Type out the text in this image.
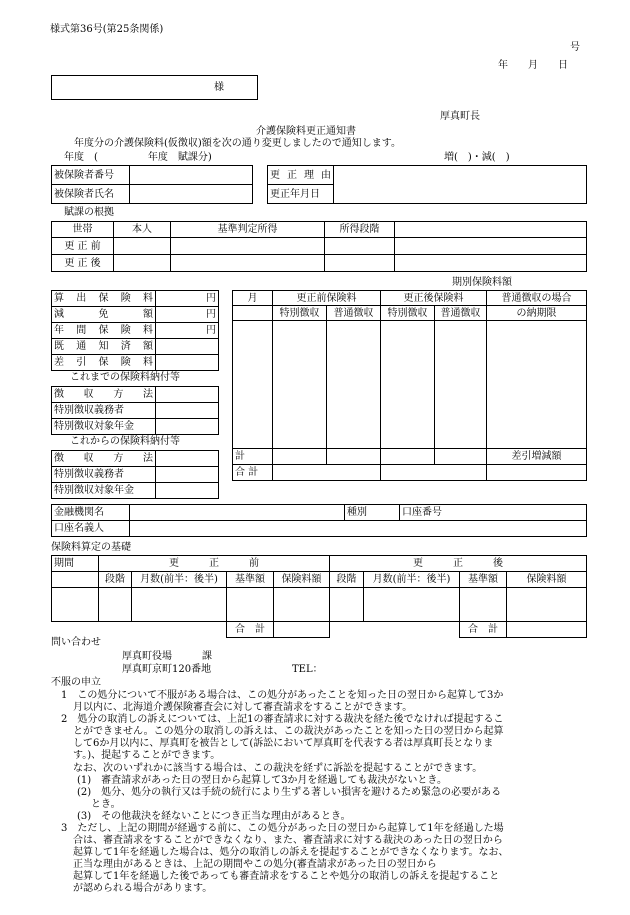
様式第36号(第25条関係)
号
年　　月　　日
様
厚真町長
介護保険料更正通知書
年度分の介護保険料(仮徴収)額を次の通り変更しましたので通知します。
年度　(　　　　　年度　賦課分)	増(　)・減(　)
被保険者番号			更 正 理 由	
被保険者氏名			更正年月日	
賦課の根拠
世帯	本人	基準判定所得	所得段階	
更 正 前				
更 正 後				
期別保険料額
算 出 保 険 料	円
減　　免　　額	円
年 間 保 険 料	円
既 通 知 済 額	
差 引 保 険 料	
これまでの保険料納付等
徴　収　方　法	
特別徴収義務者	
特別徴収対象年金	
これからの保険料納付等
徴　収　方　法	
特別徴収義務者	
特別徴収対象年金	
月	更正前保険料		更正後保険料		普通徴収の場合
	特別徴収	普通徴収	特別徴収	普通徴収	の納期限

計					差引増減額
合 計					
金融機関名		種別	口座番号
口座名義人			
保険料算定の基礎
期間	更　　　正　　　前				更　　　正　　　後			
	段階	月数(前半：後半)	基準額	保険料額	段階	月数(前半：後半)	基準額	保険料額

			合　計				合　計	
問い合わせ
厚真町役場　　　課
厚真町京町120番地	TEL：
不服の申立
1　この処分について不服がある場合は、この処分があったことを知った日の翌日から起算して3か
月以内に、北海道介護保険審査会に対して審査請求をすることができます。
2　処分の取消しの訴えについては、上記1の審査請求に対する裁決を経た後でなければ提起するこ
とができません。この処分の取消しの訴えは、この裁決があったことを知った日の翌日から起算
して6か月以内に、厚真町を被告として(訴訟において厚真町を代表する者は厚真町長となりま
す。)、提起することができます。
なお、次のいずれかに該当する場合は、この裁決を経ずに訴訟を提起することができます。
(1)　審査請求があった日の翌日から起算して3か月を経過しても裁決がないとき。
(2)　処分、処分の執行又は手続の続行により生ずる著しい損害を避けるため緊急の必要がある
とき。
(3)　その他裁決を経ないことにつき正当な理由があるとき。
3　ただし、上記の期間が経過する前に、この処分があった日の翌日から起算して1年を経過した場
合は、審査請求をすることができなくなり、また、審査請求に対する裁決のあった日の翌日から
起算して1年を経過した場合は、処分の取消しの訴えを提起することができなくなります。なお、
正当な理由があるときは、上記の期間やこの処分(審査請求があった日の翌日から
起算して1年を経過した後であっても審査請求をすることや処分の取消しの訴えを提起すること
が認められる場合があります。
